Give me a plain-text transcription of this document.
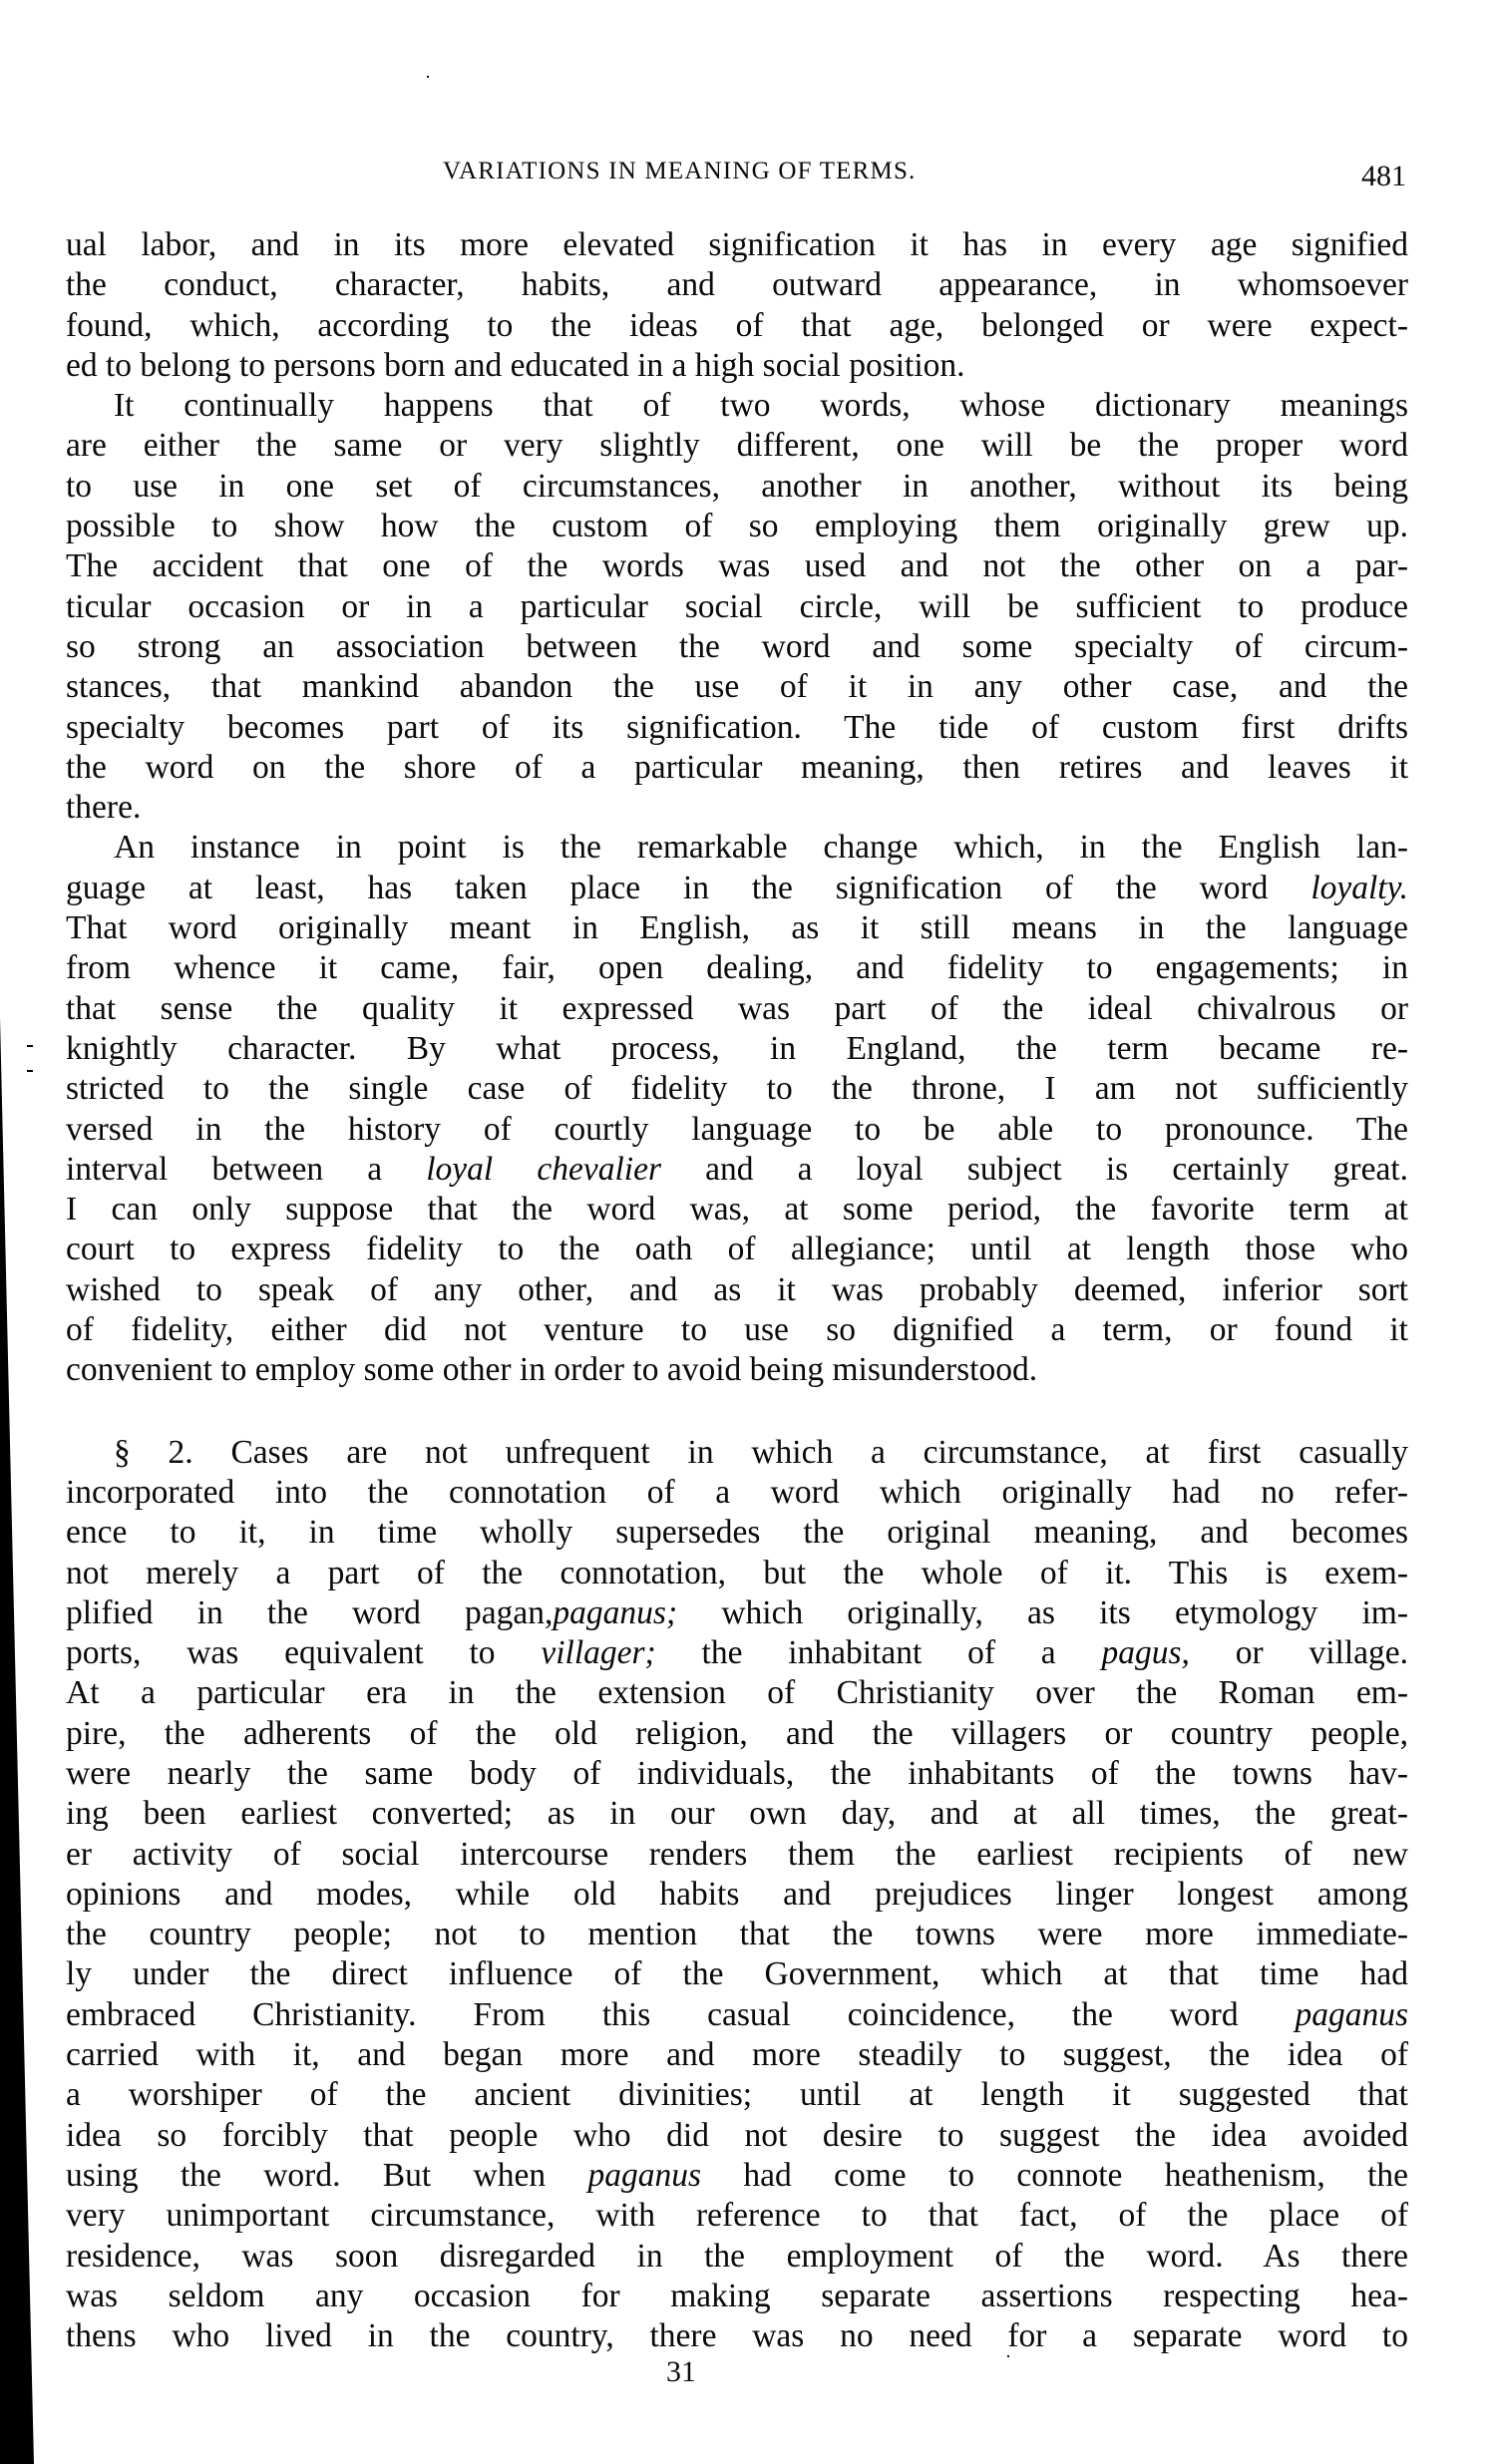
VARIATIONS IN MEANING OF TERMS.	481
ual labor, and in its more elevated signification it has in every age signified
the conduct, character, habits, and outward appearance, in whomsoever
found, which, according to the ideas of that age, belonged or were expect-
ed to belong to persons born and educated in a high social position.
It continually happens that of two words, whose dictionary meanings
are either the same or very slightly different, one will be the proper word
to use in one set of circumstances, another in another, without its being
possible to show how the custom of so employing them originally grew up.
The accident that one of the words was used and not the other on a par-
ticular occasion or in a particular social circle, will be sufficient to produce
so strong an association between the word and some specialty of circum-
stances, that mankind abandon the use of it in any other case, and the
specialty becomes part of its signification. The tide of custom first drifts
the word on the shore of a particular meaning, then retires and leaves it
there.
An instance in point is the remarkable change which, in the English lan-
guage at least, has taken place in the signification of the word loyalty.
That word originally meant in English, as it still means in the language
from whence it came, fair, open dealing, and fidelity to engagements; in
that sense the quality it expressed was part of the ideal chivalrous or
knightly character. By what process, in England, the term became re-
stricted to the single case of fidelity to the throne, I am not sufficiently
versed in the history of courtly language to be able to pronounce. The
interval between a loyal chevalier and a loyal subject is certainly great.
I can only suppose that the word was, at some period, the favorite term at
court to express fidelity to the oath of allegiance; until at length those who
wished to speak of any other, and as it was probably deemed, inferior sort
of fidelity, either did not venture to use so dignified a term, or found it
convenient to employ some other in order to avoid being misunderstood.
§ 2. Cases are not unfrequent in which a circumstance, at first casually
incorporated into the connotation of a word which originally had no refer-
ence to it, in time wholly supersedes the original meaning, and becomes
not merely a part of the connotation, but the whole of it. This is exem-
plified in the word pagan,paganus; which originally, as its etymology im-
ports, was equivalent to villager; the inhabitant of a pagus, or village.
At a particular era in the extension of Christianity over the Roman em-
pire, the adherents of the old religion, and the villagers or country people,
were nearly the same body of individuals, the inhabitants of the towns hav-
ing been earliest converted; as in our own day, and at all times, the great-
er activity of social intercourse renders them the earliest recipients of new
opinions and modes, while old habits and prejudices linger longest among
the country people; not to mention that the towns were more immediate-
ly under the direct influence of the Government, which at that time had
embraced Christianity. From this casual coincidence, the word paganus
carried with it, and began more and more steadily to suggest, the idea of
a worshiper of the ancient divinities; until at length it suggested that
idea so forcibly that people who did not desire to suggest the idea avoided
using the word. But when paganus had come to connote heathenism, the
very unimportant circumstance, with reference to that fact, of the place of
residence, was soon disregarded in the employment of the word. As there
was seldom any occasion for making separate assertions respecting hea-
thens who lived in the country, there was no need for a separate word to
31
